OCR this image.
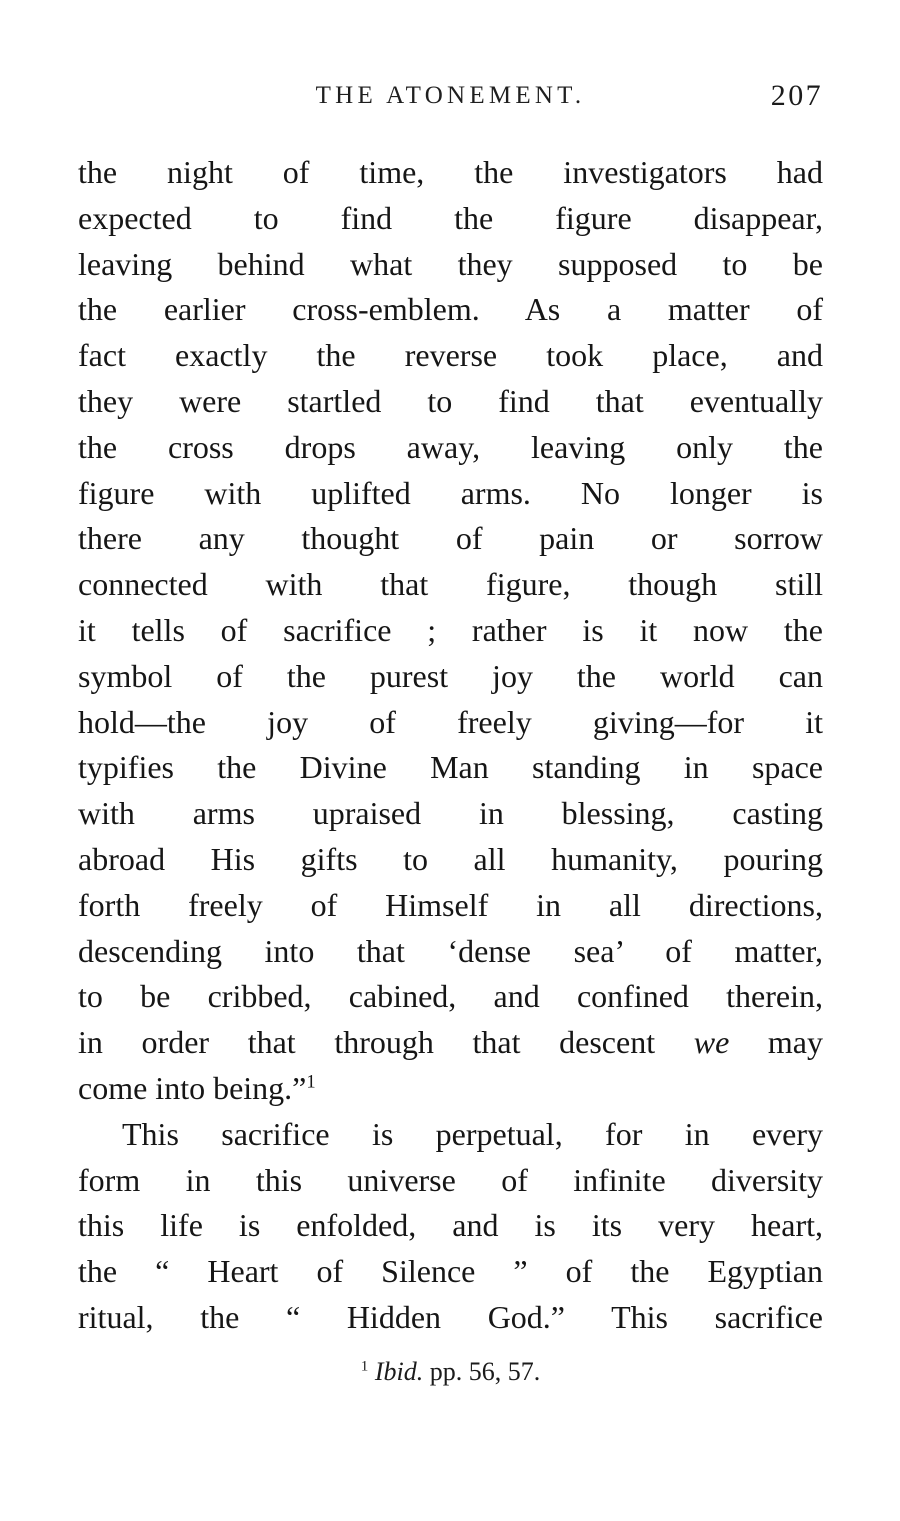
THE ATONEMENT.	207
the night of time, the investigators had
expected to find the figure disappear,
leaving behind what they supposed to be
the earlier cross-emblem. As a matter of
fact exactly the reverse took place, and
they were startled to find that eventually
the cross drops away, leaving only the
figure with uplifted arms. No longer is
there any thought of pain or sorrow
connected with that figure, though still
it tells of sacrifice ; rather is it now the
symbol of the purest joy the world can
hold—the joy of freely giving—for it
typifies the Divine Man standing in space
with arms upraised in blessing, casting
abroad His gifts to all humanity, pouring
forth freely of Himself in all directions,
descending into that ‘dense sea’ of matter,
to be cribbed, cabined, and confined therein,
in order that through that descent we may
come into being.”$^1$
This sacrifice is perpetual, for in every
form in this universe of infinite diversity
this life is enfolded, and is its very heart,
the “ Heart of Silence ” of the Egyptian
ritual, the “ Hidden God.” This sacrifice
$^1$ Ibid. pp. 56, 57.
